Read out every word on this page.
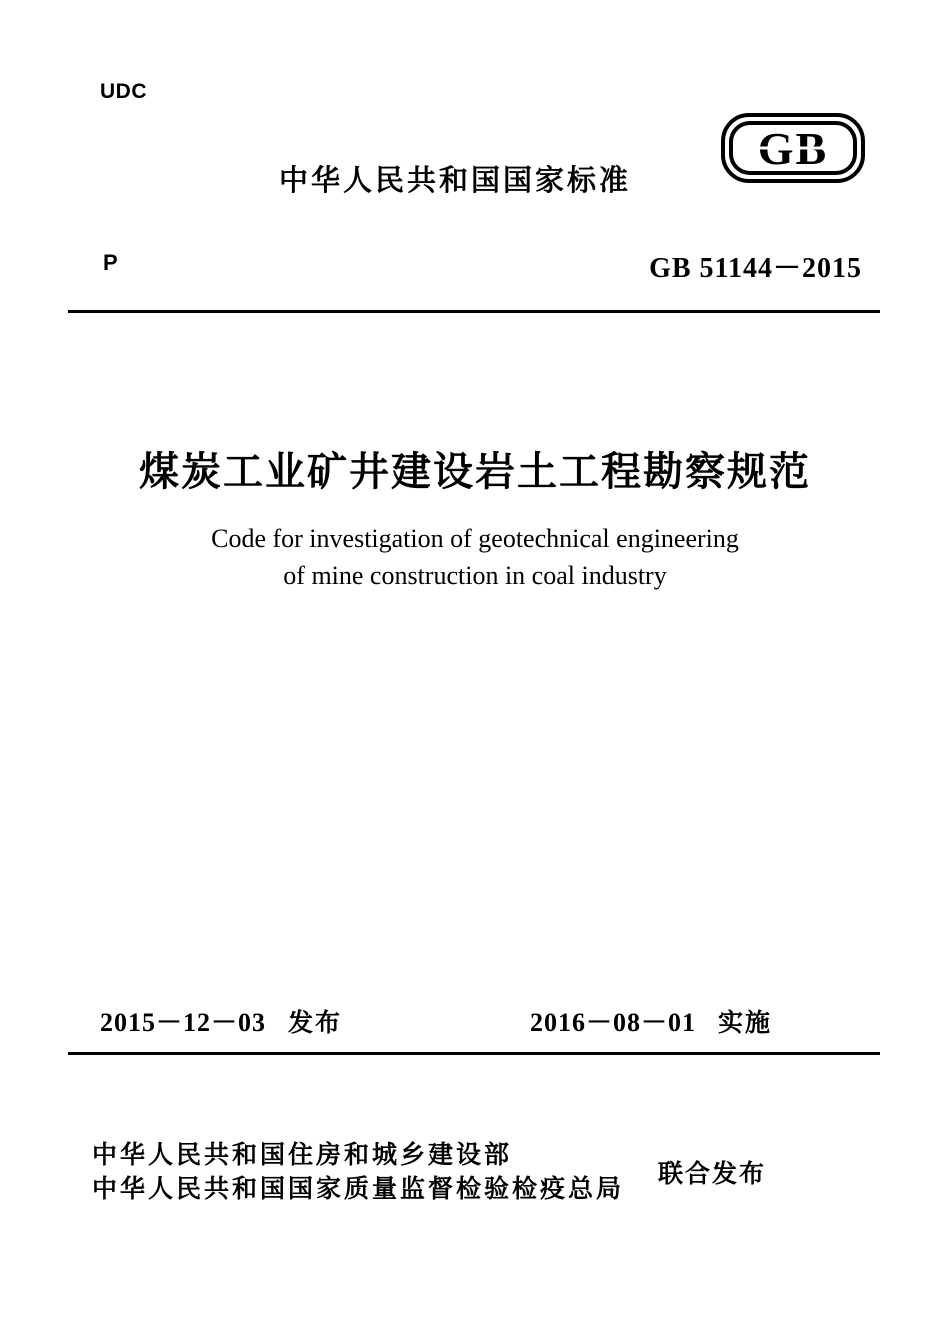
UDC
中华人民共和国国家标准
GB
P	GB 51144－2015
煤炭工业矿井建设岩土工程勘察规范
Code for investigation of geotechnical engineering
of mine construction in coal industry
2015－12－03 发布	2016－08－01 实施
中华人民共和国住房和城乡建设部
中华人民共和国国家质量监督检验检疫总局
联合发布
